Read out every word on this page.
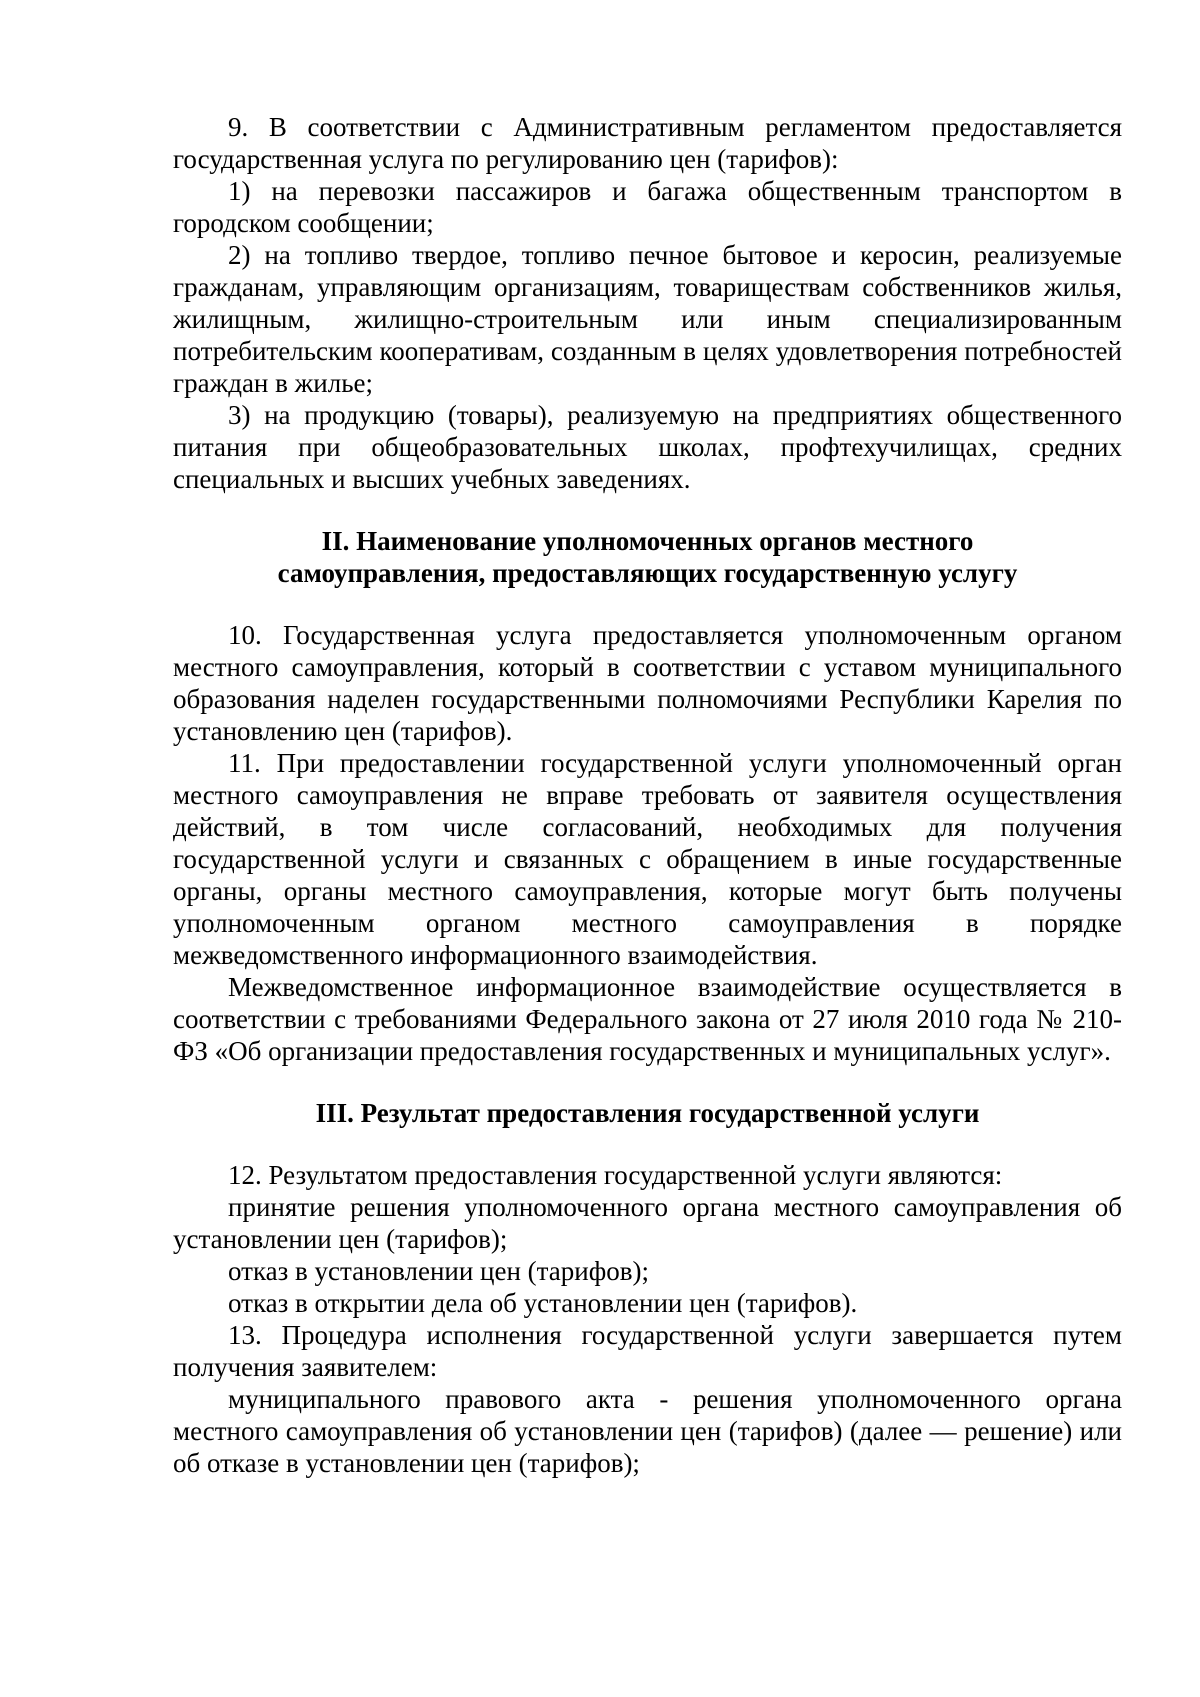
9. В соответствии с Административным регламентом предоставляется государственная услуга по регулированию цен (тарифов):

1) на перевозки пассажиров и багажа общественным транспортом в городском сообщении;

2) на топливо твердое, топливо печное бытовое и керосин, реализуемые гражданам, управляющим организациям, товариществам собственников жилья, жилищным, жилищно-строительным или иным специализированным потребительским кооперативам, созданным в целях удовлетворения потребностей граждан в жилье;

3) на продукцию (товары), реализуемую на предприятиях общественного питания при общеобразовательных школах, профтехучилищах, средних специальных и высших учебных заведениях.

II. Наименование уполномоченных органов местного

самоуправления, предоставляющих государственную услугу

10. Государственная услуга предоставляется уполномоченным органом местного самоуправления, который в соответствии с уставом муниципального образования наделен государственными полномочиями Республики Карелия по установлению цен (тарифов).

11. При предоставлении государственной услуги уполномоченный орган местного самоуправления не вправе требовать от заявителя осуществления действий, в том числе согласований, необходимых для получения государственной услуги и связанных с обращением в иные государственные органы, органы местного самоуправления, которые могут быть получены уполномоченным органом местного самоуправления в порядке межведомственного информационного взаимодействия.

Межведомственное информационное взаимодействие осуществляется в соответствии с требованиями Федерального закона от 27 июля 2010 года № 210-ФЗ «Об организации предоставления государственных и муниципальных услуг».

III. Результат предоставления государственной услуги

12. Результатом предоставления государственной услуги являются:

принятие решения уполномоченного органа местного самоуправления об установлении цен (тарифов);

отказ в установлении цен (тарифов);

отказ в открытии дела об установлении цен (тарифов).

13. Процедура исполнения государственной услуги завершается путем получения заявителем:

муниципального правового акта - решения уполномоченного органа местного самоуправления об установлении цен (тарифов) (далее — решение) или об отказе в установлении цен (тарифов);
